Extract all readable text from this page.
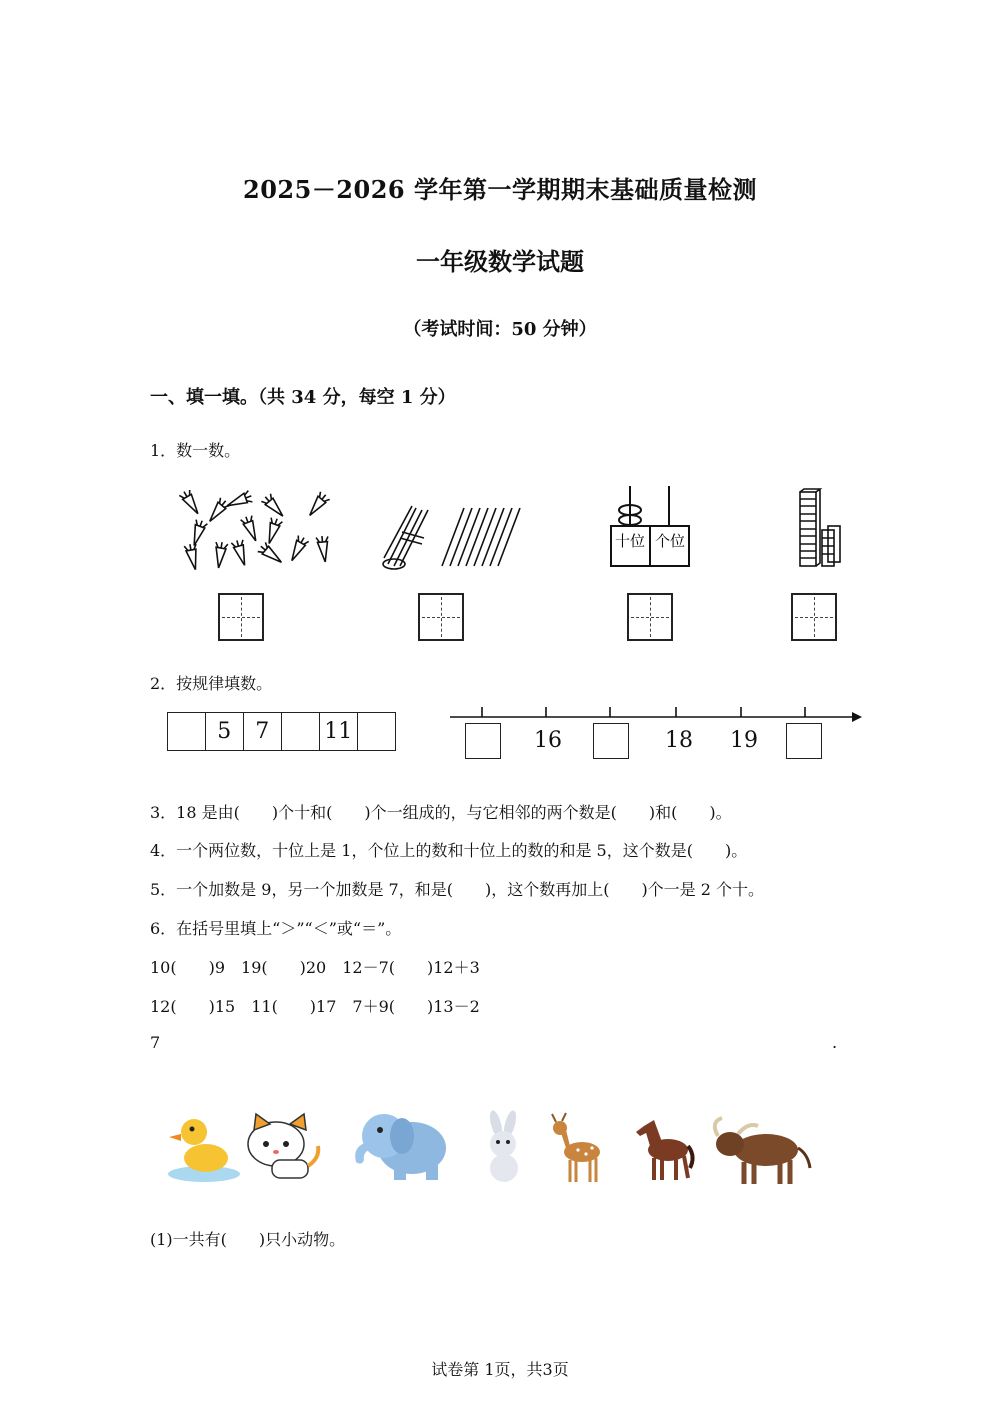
2025－2026 学年第一学期期末基础质量检测
一年级数学试题
（考试时间：50 分钟）
一、填一填。（共 34 分，每空 1 分）
1．数一数。
十位 个位
2．按规律填数。
5	7	11	16	18 19
3．18 是由(　　)个十和(　　)个一组成的，与它相邻的两个数是(　　)和(　　)。
4．一个两位数，十位上是 1，个位上的数和十位上的数的和是 5，这个数是(　　)。
5．一个加数是 9，另一个加数是 7，和是(　　)，这个数再加上(　　)个一是 2 个十。
6．在括号里填上“＞”“＜”或“＝”。
10(　　)9　19(　　)20　12－7(　　)12＋3
12(　　)15　11(　　)17　7＋9(　　)13－2
7	.
(1)一共有(　　)只小动物。
试卷第 1页，共3页
